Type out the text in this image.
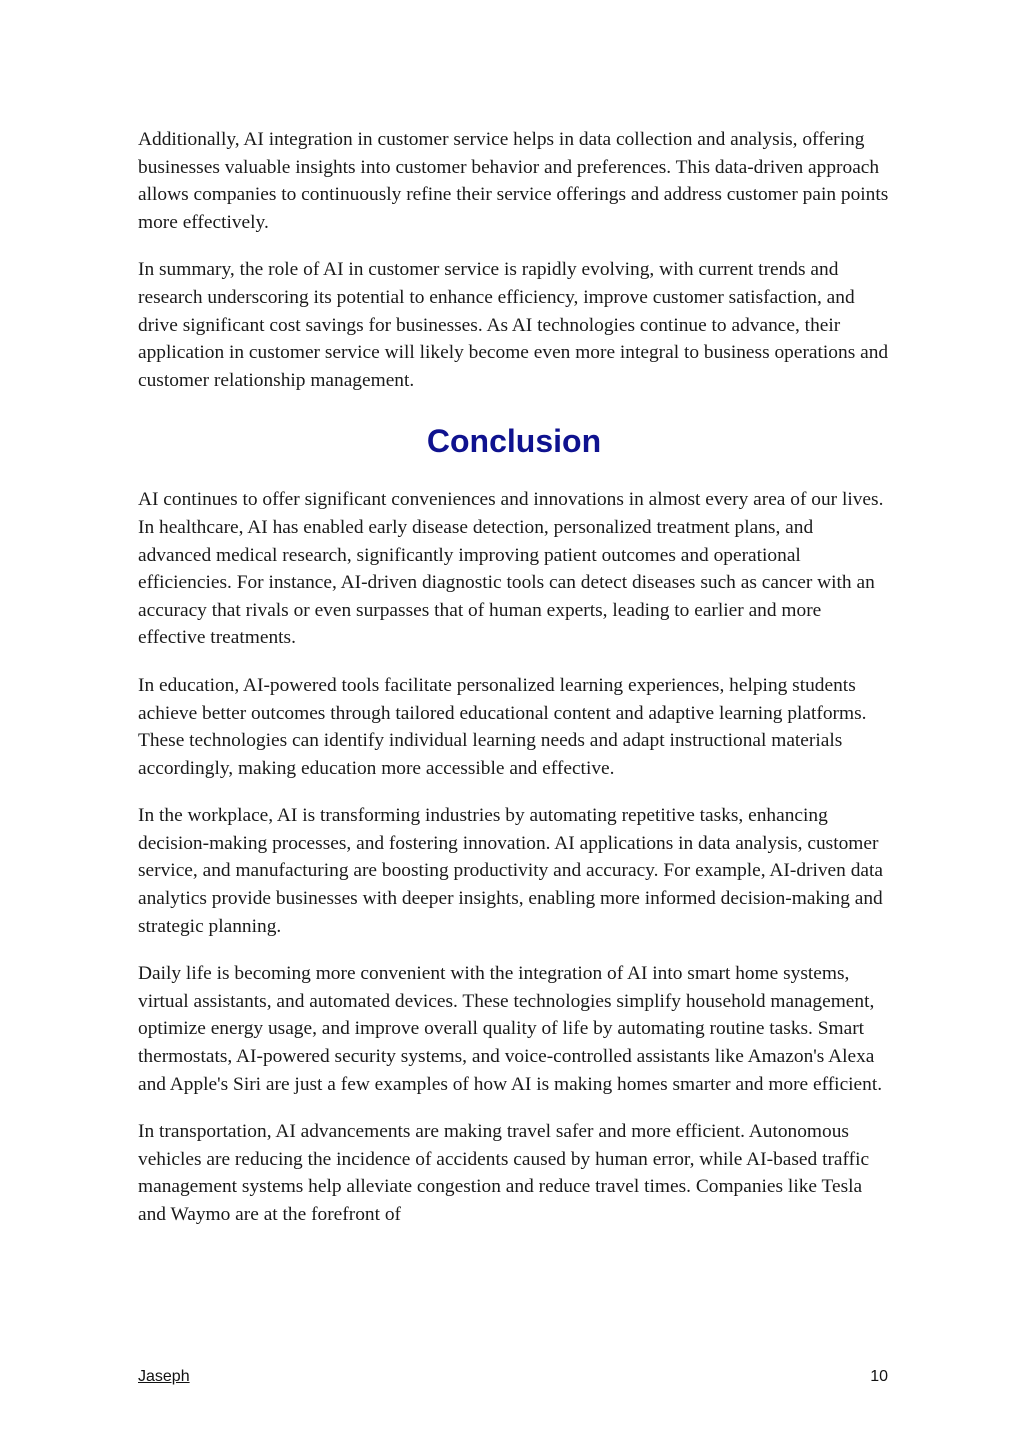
Additionally, AI integration in customer service helps in data collection and analysis, offering businesses valuable insights into customer behavior and preferences. This data-driven approach allows companies to continuously refine their service offerings and address customer pain points more effectively.

In summary, the role of AI in customer service is rapidly evolving, with current trends and research underscoring its potential to enhance efficiency, improve customer satisfaction, and drive significant cost savings for businesses. As AI technologies continue to advance, their application in customer service will likely become even more integral to business operations and customer relationship management.

Conclusion

AI continues to offer significant conveniences and innovations in almost every area of our lives. In healthcare, AI has enabled early disease detection, personalized treatment plans, and advanced medical research, significantly improving patient outcomes and operational efficiencies. For instance, AI-driven diagnostic tools can detect diseases such as cancer with an accuracy that rivals or even surpasses that of human experts, leading to earlier and more effective treatments.

In education, AI-powered tools facilitate personalized learning experiences, helping students achieve better outcomes through tailored educational content and adaptive learning platforms. These technologies can identify individual learning needs and adapt instructional materials accordingly, making education more accessible and effective.

In the workplace, AI is transforming industries by automating repetitive tasks, enhancing decision-making processes, and fostering innovation. AI applications in data analysis, customer service, and manufacturing are boosting productivity and accuracy. For example, AI-driven data analytics provide businesses with deeper insights, enabling more informed decision-making and strategic planning.

Daily life is becoming more convenient with the integration of AI into smart home systems, virtual assistants, and automated devices. These technologies simplify household management, optimize energy usage, and improve overall quality of life by automating routine tasks. Smart thermostats, AI-powered security systems, and voice-controlled assistants like Amazon's Alexa and Apple's Siri are just a few examples of how AI is making homes smarter and more efficient.

In transportation, AI advancements are making travel safer and more efficient. Autonomous vehicles are reducing the incidence of accidents caused by human error, while AI-based traffic management systems help alleviate congestion and reduce travel times. Companies like Tesla and Waymo are at the forefront of

Jaseph	10
